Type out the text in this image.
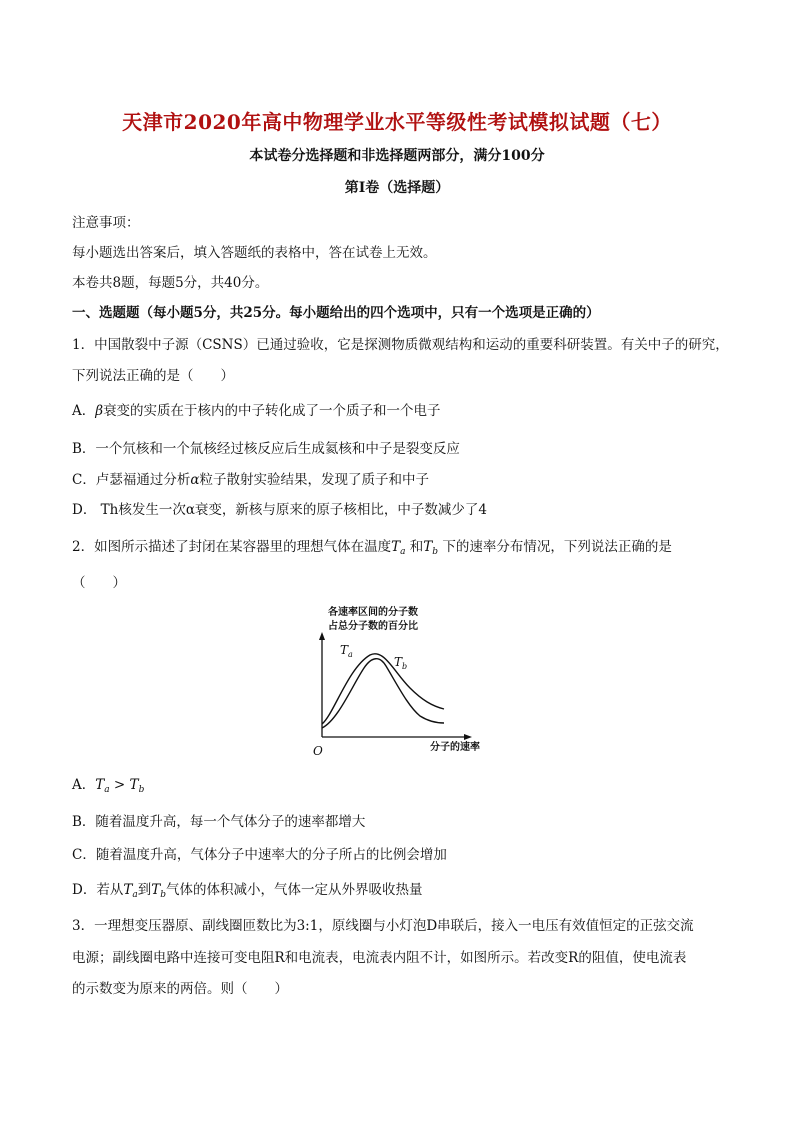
天津市2020年高中物理学业水平等级性考试模拟试题（七）
本试卷分选择题和非选择题两部分，满分100分
第Ⅰ卷（选择题）
注意事项：
每小题选出答案后，填入答题纸的表格中，答在试卷上无效。
本卷共8题，每题5分，共40分。
一、选题题（每小题5分，共25分。每小题给出的四个选项中，只有一个选项是正确的）
1．中国散裂中子源（CSNS）已通过验收，它是探测物质微观结构和运动的重要科研装置。有关中子的研究，
下列说法正确的是（　　）
A．β衰变的实质在于核内的中子转化成了一个质子和一个电子
B．一个氘核和一个氚核经过核反应后生成氦核和中子是裂变反应
C．卢瑟福通过分析α粒子散射实验结果，发现了质子和中子
D． Th核发生一次α衰变，新核与原来的原子核相比，中子数减少了4
2．如图所示描述了封闭在某容器里的理想气体在温度$T_a$ 和$T_b$ 下的速率分布情况，下列说法正确的是
（　　）
各速率区间的分子数
占总分子数的百分比
O	分子的速率
$T_a$
$T_b$
A．$T_a > T_b$
B．随着温度升高，每一个气体分子的速率都增大
C．随着温度升高，气体分子中速率大的分子所占的比例会增加
D．若从$T_a$到$T_b$气体的体积减小，气体一定从外界吸收热量
3．一理想变压器原、副线圈匝数比为3:1，原线圈与小灯泡D串联后，接入一电压有效值恒定的正弦交流
电源；副线圈电路中连接可变电阻R和电流表，电流表内阻不计，如图所示。若改变R的阻值，使电流表
的示数变为原来的两倍。则（　　）
